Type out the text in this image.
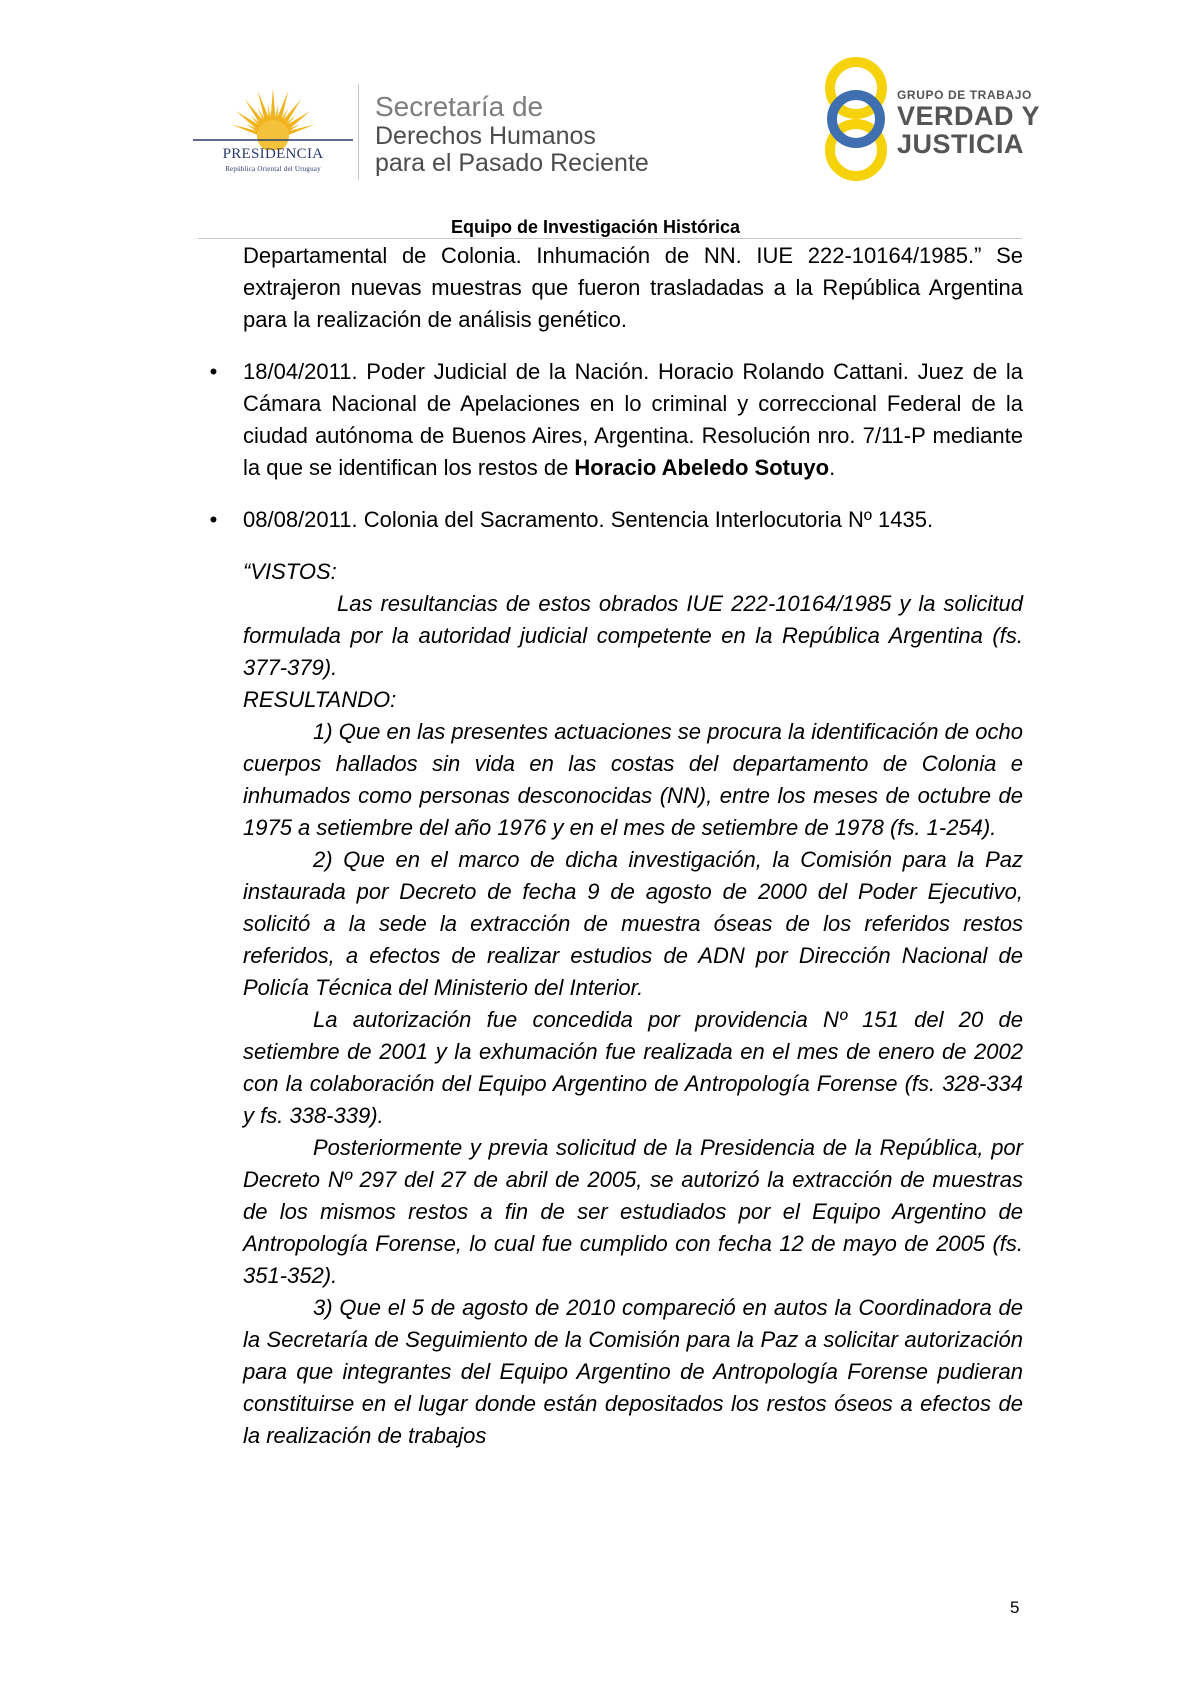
PRESIDENCIA
República Oriental del Uruguay
Secretaría de
Derechos Humanos
para el Pasado Reciente
GRUPO DE TRABAJO
VERDAD Y
JUSTICIA
Equipo de Investigación Histórica

Departamental de Colonia. Inhumación de NN. IUE 222-10164/1985.” Se extrajeron nuevas muestras que fueron trasladadas a la República Argentina para la realización de análisis genético.

• 18/04/2011. Poder Judicial de la Nación. Horacio Rolando Cattani. Juez de la Cámara Nacional de Apelaciones en lo criminal y correccional Federal de la ciudad autónoma de Buenos Aires, Argentina. Resolución nro. 7/11-P mediante la que se identifican los restos de Horacio Abeledo Sotuyo.

• 08/08/2011. Colonia del Sacramento. Sentencia Interlocutoria Nº 1435.

“VISTOS:

Las resultancias de estos obrados IUE 222-10164/1985 y la solicitud formulada por la autoridad judicial competente en la República Argentina (fs. 377-379).

RESULTANDO:

1) Que en las presentes actuaciones se procura la identificación de ocho cuerpos hallados sin vida en las costas del departamento de Colonia e inhumados como personas desconocidas (NN), entre los meses de octubre de 1975 a setiembre del año 1976 y en el mes de setiembre de 1978 (fs. 1-254).

2) Que en el marco de dicha investigación, la Comisión para la Paz instaurada por Decreto de fecha 9 de agosto de 2000 del Poder Ejecutivo, solicitó a la sede la extracción de muestra óseas de los referidos restos referidos, a efectos de realizar estudios de ADN por Dirección Nacional de Policía Técnica del Ministerio del Interior.

La autorización fue concedida por providencia Nº 151 del 20 de setiembre de 2001 y la exhumación fue realizada en el mes de enero de 2002 con la colaboración del Equipo Argentino de Antropología Forense (fs. 328-334 y fs. 338-339).

Posteriormente y previa solicitud de la Presidencia de la República, por Decreto Nº 297 del 27 de abril de 2005, se autorizó la extracción de muestras de los mismos restos a fin de ser estudiados por el Equipo Argentino de Antropología Forense, lo cual fue cumplido con fecha 12 de mayo de 2005 (fs. 351-352).

3) Que el 5 de agosto de 2010 compareció en autos la Coordinadora de la Secretaría de Seguimiento de la Comisión para la Paz a solicitar autorización para que integrantes del Equipo Argentino de Antropología Forense pudieran constituirse en el lugar donde están depositados los restos óseos a efectos de la realización de trabajos

5
